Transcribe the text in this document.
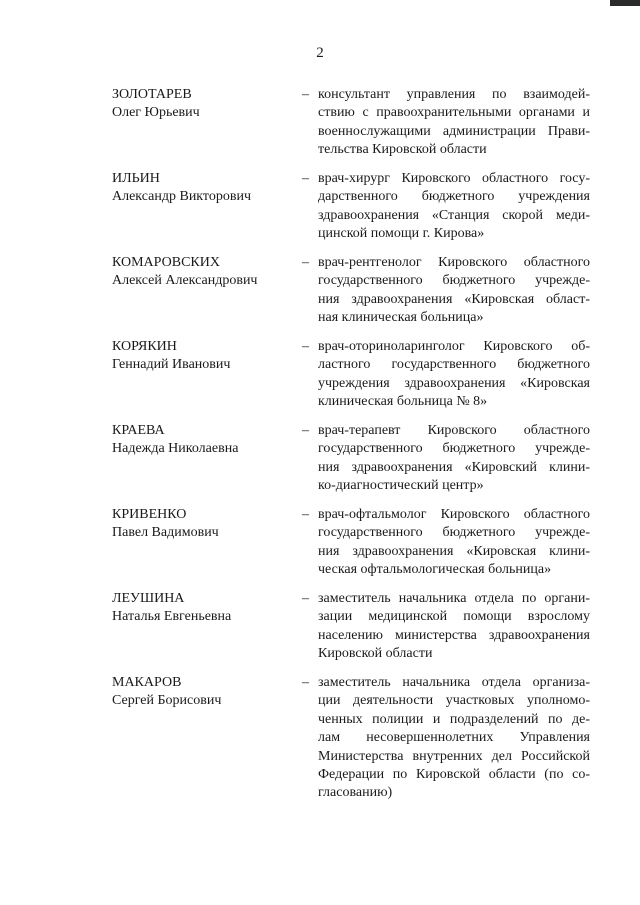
2
ЗОЛОТАРЕВ
Олег Юрьевич
– консультант управления по взаимодей-
ствию с правоохранительными органами и
военнослужащими администрации Прави-
тельства Кировской области
ИЛЬИН
Александр Викторович
– врач-хирург Кировского областного госу-
дарственного бюджетного учреждения
здравоохранения «Станция скорой меди-
цинской помощи г. Кирова»
КОМАРОВСКИХ
Алексей Александрович
– врач-рентгенолог Кировского областного
государственного бюджетного учрежде-
ния здравоохранения «Кировская област-
ная клиническая больница»
КОРЯКИН
Геннадий Иванович
– врач-оториноларинголог Кировского об-
ластного государственного бюджетного
учреждения здравоохранения «Кировская
клиническая больница № 8»
КРАЕВА
Надежда Николаевна
– врач-терапевт Кировского областного
государственного бюджетного учрежде-
ния здравоохранения «Кировский клини-
ко-диагностический центр»
КРИВЕНКО
Павел Вадимович
– врач-офтальмолог Кировского областного
государственного бюджетного учрежде-
ния здравоохранения «Кировская клини-
ческая офтальмологическая больница»
ЛЕУШИНА
Наталья Евгеньевна
– заместитель начальника отдела по органи-
зации медицинской помощи взрослому
населению министерства здравоохранения
Кировской области
МАКАРОВ
Сергей Борисович
– заместитель начальника отдела организа-
ции деятельности участковых уполномо-
ченных полиции и подразделений по де-
лам несовершеннолетних Управления
Министерства внутренних дел Российской
Федерации по Кировской области (по со-
гласованию)
